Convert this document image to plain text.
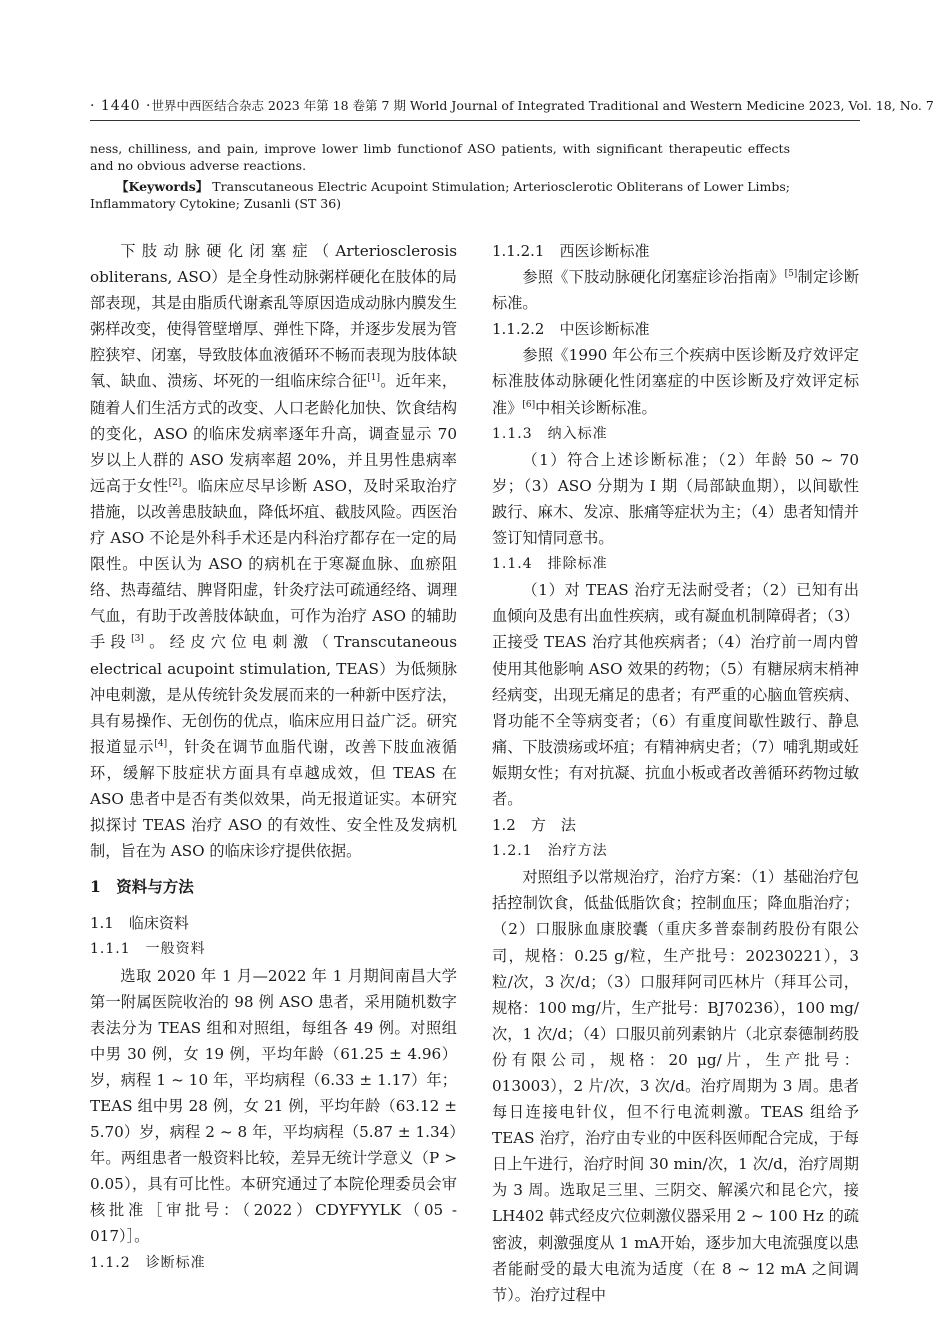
· 1440 · 世界中西医结合杂志 2023 年第 18 卷第 7 期 World Journal of Integrated Traditional and Western Medicine 2023, Vol. 18, No. 7

ness, chilliness, and pain, improve lower limb functionof ASO patients, with significant therapeutic effects and no obvious adverse reactions.

【Keywords】 Transcutaneous Electric Acupoint Stimulation; Arteriosclerotic Obliterans of Lower Limbs; Inflammatory Cytokine; Zusanli (ST 36)

下肢动脉硬化闭塞症（Arteriosclerosis obliterans, ASO）是全身性动脉粥样硬化在肢体的局部表现，其是由脂质代谢紊乱等原因造成动脉内膜发生粥样改变，使得管壁增厚、弹性下降，并逐步发展为管腔狭窄、闭塞，导致肢体血液循环不畅而表现为肢体缺氧、缺血、溃疡、坏死的一组临床综合征[1]。近年来，随着人们生活方式的改变、人口老龄化加快、饮食结构的变化，ASO 的临床发病率逐年升高，调查显示 70 岁以上人群的 ASO 发病率超 20%，并且男性患病率远高于女性[2]。临床应尽早诊断 ASO，及时采取治疗措施，以改善患肢缺血，降低坏疽、截肢风险。西医治疗 ASO 不论是外科手术还是内科治疗都存在一定的局限性。中医认为 ASO 的病机在于寒凝血脉、血瘀阻络、热毒蕴结、脾肾阳虚，针灸疗法可疏通经络、调理气血，有助于改善肢体缺血，可作为治疗 ASO 的辅助手段[3]。经皮穴位电刺激（Transcutaneous electrical acupoint stimulation, TEAS）为低频脉冲电刺激，是从传统针灸发展而来的一种新中医疗法，具有易操作、无创伤的优点，临床应用日益广泛。研究报道显示[4]，针灸在调节血脂代谢，改善下肢血液循环，缓解下肢症状方面具有卓越成效，但 TEAS 在 ASO 患者中是否有类似效果，尚无报道证实。本研究拟探讨 TEAS 治疗 ASO 的有效性、安全性及发病机制，旨在为 ASO 的临床诊疗提供依据。

1　资料与方法

1.1　临床资料

1.1.1　一般资料

选取 2020 年 1 月—2022 年 1 月期间南昌大学第一附属医院收治的 98 例 ASO 患者，采用随机数字表法分为 TEAS 组和对照组，每组各 49 例。对照组中男 30 例，女 19 例，平均年龄（61.25 ± 4.96）岁，病程 1 ~ 10 年，平均病程（6.33 ± 1.17）年；TEAS 组中男 28 例，女 21 例，平均年龄（63.12 ± 5.70）岁，病程 2 ~ 8 年，平均病程（5.87 ± 1.34）年。两组患者一般资料比较，差异无统计学意义（P > 0.05），具有可比性。本研究通过了本院伦理委员会审核批准［审批号：（2022）CDYFYYLK（05 - 017）］。

1.1.2　诊断标准

1.1.2.1　西医诊断标准

参照《下肢动脉硬化闭塞症诊治指南》[5]制定诊断标准。

1.1.2.2　中医诊断标准

参照《1990 年公布三个疾病中医诊断及疗效评定标准肢体动脉硬化性闭塞症的中医诊断及疗效评定标准》[6]中相关诊断标准。

1.1.3　纳入标准

（1）符合上述诊断标准；（2）年龄 50 ~ 70 岁；（3）ASO 分期为 Ⅰ 期（局部缺血期），以间歇性跛行、麻木、发凉、胀痛等症状为主；（4）患者知情并签订知情同意书。

1.1.4　排除标准

（1）对 TEAS 治疗无法耐受者；（2）已知有出血倾向及患有出血性疾病，或有凝血机制障碍者；（3）正接受 TEAS 治疗其他疾病者；（4）治疗前一周内曾使用其他影响 ASO 效果的药物；（5）有糖尿病末梢神经病变，出现无痛足的患者；有严重的心脑血管疾病、肾功能不全等病变者；（6）有重度间歇性跛行、静息痛、下肢溃疡或坏疽；有精神病史者；（7）哺乳期或妊娠期女性；有对抗凝、抗血小板或者改善循环药物过敏者。

1.2　方　法

1.2.1　治疗方法

对照组予以常规治疗，治疗方案：（1）基础治疗包括控制饮食，低盐低脂饮食；控制血压；降血脂治疗；（2）口服脉血康胶囊（重庆多普泰制药股份有限公司，规格：0.25 g/粒，生产批号：20230221），3 粒/次，3 次/d；（3）口服拜阿司匹林片（拜耳公司，规格：100 mg/片，生产批号：BJ70236），100 mg/次，1 次/d；（4）口服贝前列素钠片（北京泰德制药股份有限公司，规格：20 μg/片，生产批号：013003），2 片/次，3 次/d。治疗周期为 3 周。患者每日连接电针仪，但不行电流刺激。TEAS 组给予 TEAS 治疗，治疗由专业的中医科医师配合完成，于每日上午进行，治疗时间 30 min/次，1 次/d，治疗周期为 3 周。选取足三里、三阴交、解溪穴和昆仑穴，接 LH402 韩式经皮穴位刺激仪器采用 2 ~ 100 Hz 的疏密波，刺激强度从 1 mA开始，逐步加大电流强度以患者能耐受的最大电流为适度（在 8 ~ 12 mA 之间调节）。治疗过程中
